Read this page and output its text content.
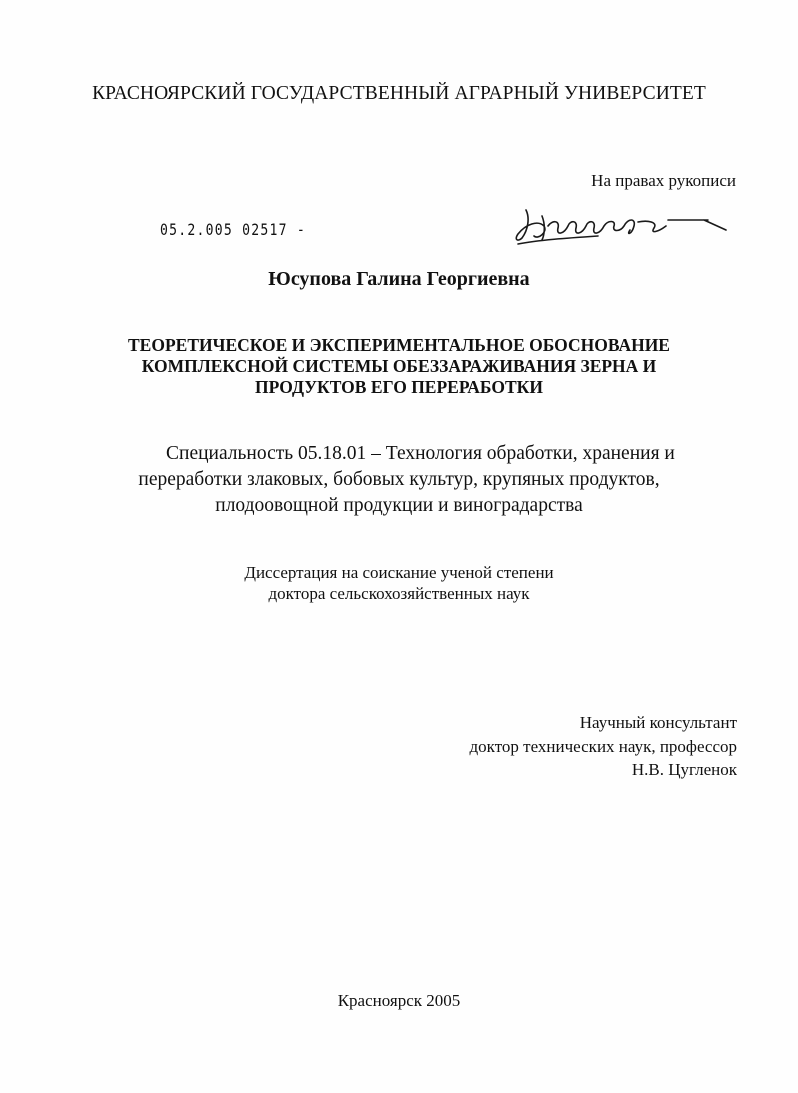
КРАСНОЯРСКИЙ ГОСУДАРСТВЕННЫЙ АГРАРНЫЙ УНИВЕРСИТЕТ
На правах рукописи
05.2.005 02517 -
Юсупова Галина Георгиевна
ТЕОРЕТИЧЕСКОЕ И ЭКСПЕРИМЕНТАЛЬНОЕ ОБОСНОВАНИЕ
КОМПЛЕКСНОЙ СИСТЕМЫ ОБЕЗЗАРАЖИВАНИЯ ЗЕРНА И
ПРОДУКТОВ ЕГО ПЕРЕРАБОТКИ
Специальность 05.18.01 – Технология обработки, хранения и
переработки злаковых, бобовых культур, крупяных продуктов,
плодоовощной продукции и виноградарства
Диссертация на соискание ученой степени
доктора сельскохозяйственных наук
Научный консультант
доктор технических наук, профессор
Н.В. Цугленок
Красноярск 2005
